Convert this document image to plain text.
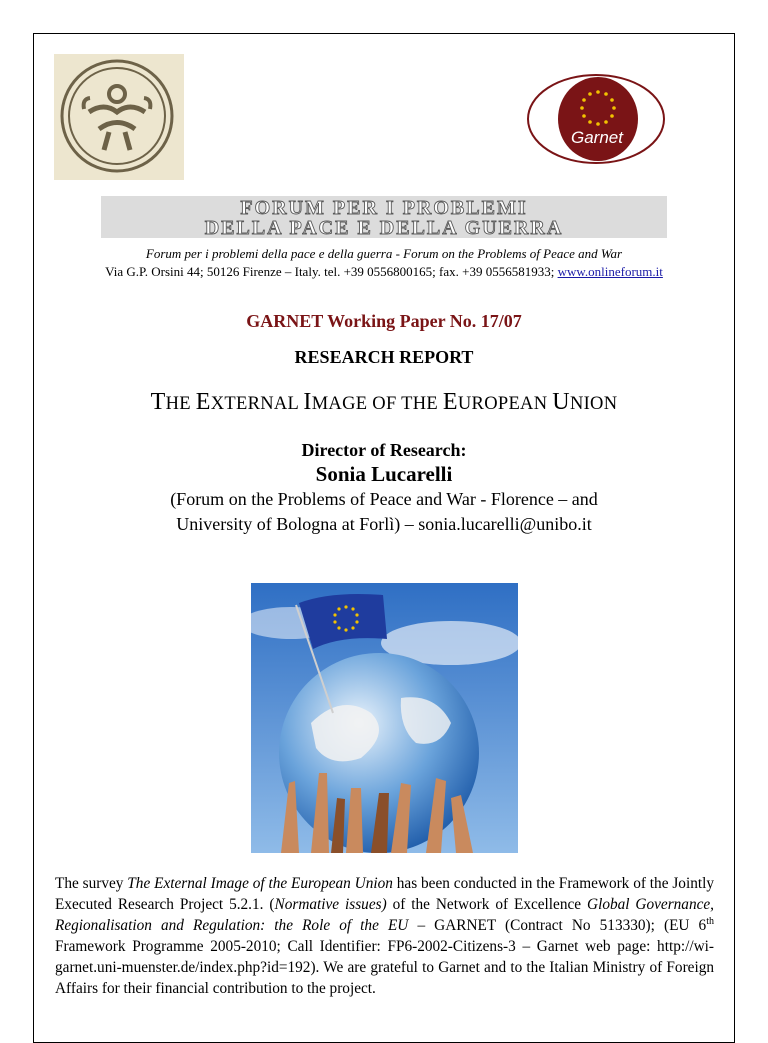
Garnet
FORUM PER I PROBLEMI
DELLA PACE E DELLA GUERRA
Forum per i problemi della pace e della guerra - Forum on the Problems of Peace and War
Via G.P. Orsini 44; 50126 Firenze – Italy. tel. +39 0556800165; fax. +39 0556581933; www.onlineforum.it
GARNET Working Paper No. 17/07
RESEARCH REPORT
THE EXTERNAL IMAGE OF THE EUROPEAN UNION
Director of Research:
Sonia Lucarelli
(Forum on the Problems of Peace and War - Florence – and
University of Bologna at Forlì) – sonia.lucarelli@unibo.it
The survey The External Image of the European Union has been conducted in the Framework of the Jointly Executed Research Project 5.2.1. (Normative issues) of the Network of Excellence Global Governance, Regionalisation and Regulation: the Role of the EU – GARNET (Contract No 513330); (EU 6th Framework Programme 2005-2010; Call Identifier: FP6-2002-Citizens-3 – Garnet web page: http://wi-garnet.uni-muenster.de/index.php?id=192). We are grateful to Garnet and to the Italian Ministry of Foreign Affairs for their financial contribution to the project.
